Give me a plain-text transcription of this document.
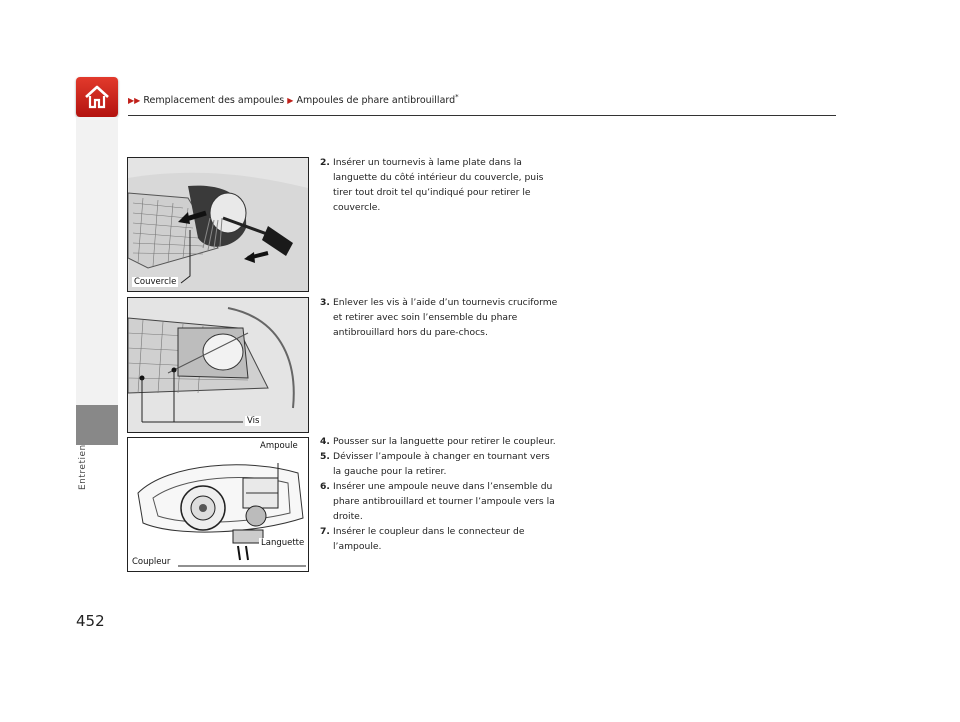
▶▶ Remplacement des ampoules ▶ Ampoules de phare antibrouillard*
Entretien
452
Couvercle
Vis
Ampoule
Languette
Coupleur
2. Insérer un tournevis à lame plate dans la languette du côté intérieur du couvercle, puis tirer tout droit tel qu’indiqué pour retirer le couvercle.
3. Enlever les vis à l’aide d’un tournevis cruciforme et retirer avec soin l’ensemble du phare antibrouillard hors du pare-chocs.
4. Pousser sur la languette pour retirer le coupleur.
5. Dévisser l’ampoule à changer en tournant vers la gauche pour la retirer.
6. Insérer une ampoule neuve dans l’ensemble du phare antibrouillard et tourner l’ampoule vers la droite.
7. Insérer le coupleur dans le connecteur de l’ampoule.
